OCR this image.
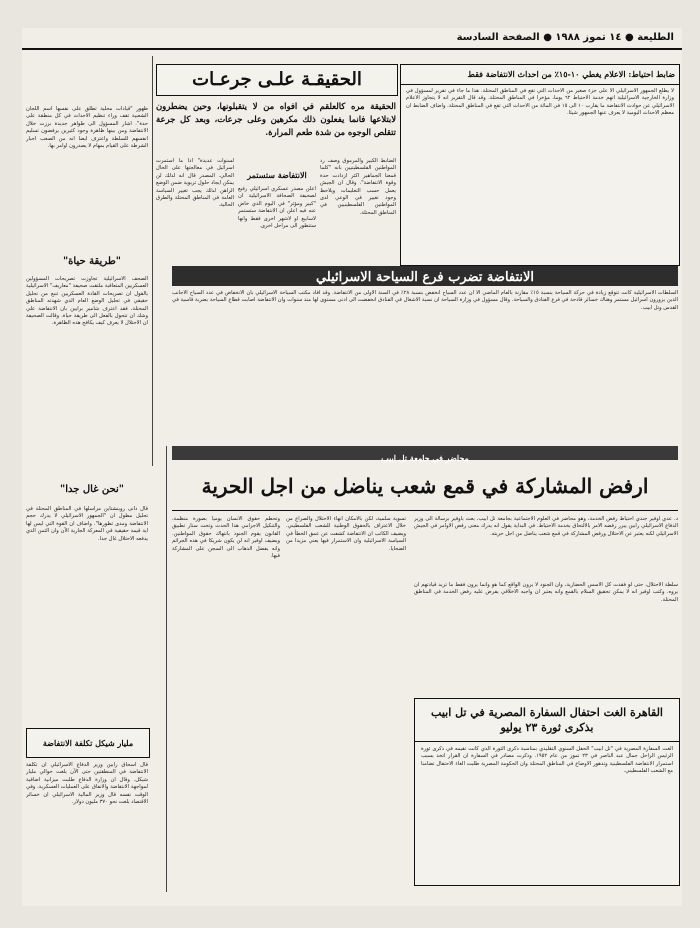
الطليعة ● ١٤ تموز ١٩٨٨ ● الصفحة السادسة
ظهور "قيادات محلية تطلق على نفسها اسم اللجان الشعبية تقف وراء تنظيم الاحداث في كل منطقة على حدة". اشار المسؤول الى ظواهر جديدة برزت خلال الانتفاضة ومن بينها ظاهرة وجود كثيرين يرفضون تسليم انفسهم للسلطة واعترف ايضا انه من الصعب اجبار الشرطة على القيام بمهام لا يصدرون اوامر بها.
"طريقة حياة"
الصحف الاسرائيلية تجاوزت تصريحات المسؤولين العسكريين المتعاقبة ملتقت صحيفة "معاريف" الاسرائيلية بالقول ان تصريحات القادة العسكريين تنبع من تحليل حقيقي في تحليل الوضع العام الذي شهدته المناطق المحتلة، فقد اعترف شامير برايين بان الانتفاضة علي وشك ان تتحول بالفعل الى طريقة حياة. وقالت الصحيفة ان الاحتلال لا يعرف كيف يكافح هذه الظاهرة.
"نحن غال جدا"
قال دانى روبنشتاين مراسلها في المناطق المحتلة في تحليل مطول ان "الجمهور الاسرائيلي لا يدرك حجم الانتفاضة ومدى تطورها". واضاف ان القوة التي ليس لها اية قيمة حقيقية في المعركة الجارية الآن وان الثمن الذي يدفعه الاحتلال غال جدا.
الحقيقـة علـى جرعـات
الحقيقة مره كالعلقم في افواه من لا يتقبلونها، وحين يضطرون لابتلاعها فانما يفعلون ذلك مكرهين وعلى جرعات، وبعد كل جرعة تتقلص الوجوه من شدة طعم المرارة.
لسنوات عديدة" اذا ما استمرت اسرائيل في معالجتها على الحال الحالي. المصدر قال انه لذلك لن يمكن ايجاد حلول تربوية ضمن الوضع الراهن لذلك يجب تغيير السياسة العامة في المناطق المحتلة والطرق الحالية.
اعلن مصدر عسكري اسرائيلي رفيع لصحيفة الصحافة الاسرائيلية ان "كبير ومؤثر" في اليوم الذي خاض عنه فيه اعلن ان الانتفاضة ستستمر لاسابيع او لاشهر اخرى فقط وانها ستتطور الى مراحل اخرى.
الانتفاضة ستستمر
ضابط احتياط: الاعلام يغطي ١٠-١٥٪ من احداث الانتفاضة فقط
لا يطلع الجمهور الاسرائيلي الا على جزء صغير من الاحداث التي تقع في المناطق المحتلة. هذا ما جاء في تقرير لمسؤول في وزارة الخارجية الاسرائيلية اتهم خدمة الاحتياط ٦٢ يوما، مؤخرا في المناطق المحتلة. وقد قال التقرير انه لا يتجاوز الاعلام الاسرائيلي عن حوادث الانتفاضة ما يقارب ١٠ الى ١٥ في المائة من الاحداث التي تقع في المناطق المحتلة. واضاف الضابط ان معظم الاحداث اليومية لا يعرف عنها الجمهور شيئا.
الانتفاضة تضرب فرع السياحة الاسرائيلي
السلطات الاسرائيلية كانت تتوقع زيادة في حركة السياحة بنسبة ١٥٪ مقارنة بالعام الماضي الا ان عدد السياح انخفض بنسبة ٢٨٪ في السنة الاولى من الانتفاضة. وقد افاد مكتب السياحة الاسرائيلي بان الانخفاض في عدد السياح الاجانب الذين يزورون اسرائيل مستمر وهناك خسائر فادحة في فرع الفنادق والسياحة. وقال مسؤول في وزارة السياحة ان نسبة الاشغال في الفنادق انخفضت الى ادنى مستوى لها منذ سنوات وان الانتفاضة اصابت قطاع السياحة بضربة قاسية في القدس وتل ابيب.
الضابط الكبير والمرموق وصف رد المواطنين الفلسطينيين بانه "كلما قمعنا الجماهير اكثر ازدادت حدة وقوة الانتفاضة". وقال ان الجيش يعمل حسب التعليمات ويلاحظ وجود تغيير في الوعي لدى المواطنين الفلسطينيين في المناطق المحتلة.
محاضر في جامعة تل ابيب
ارفض المشاركة في قمع شعب يناضل من اجل الحرية
د. عدي اوفير جندي احتياط رفض الخدمة، وهو محاضر في العلوم الاجتماعية بجامعة تل ابيب، بعث باوفير برسالة الى وزير الدفاع الاسرائيلي رابين يبرر رفضه الامر بالالتحاق بخدمة الاحتياط. في البداية يقول انه يدرك معنى رفض الاوامر في الجيش الاسرائيلي لكنه يعتبر عن الاحتلال ورفض المشاركة في قمع شعب يناضل من اجل حريته.
سلطة الاحتلال، حتى لو فقدت كل الاسس الحضارية، وان الجنود لا يرون الواقع كما هو وانما يرون فقط ما تريد قيادتهم ان يروه. وكتب اوفير انه لا يمكن تحقيق السلام بالقمع وانه يعتبر ان واجبه الاخلاقي يفرض عليه رفض الخدمة في المناطق المحتلة.
تسوية سلمية، لكن بالامكان انهاء الاحتلال والصراع من خلال الاعتراف بالحقوق الوطنية للشعب الفلسطيني. ويضيف الكاتب ان الانتفاضة كشفت عن عمق الخطأ في السياسة الاسرائيلية وان الاستمرار فيها يعني مزيدا من الضحايا.
وتحطم حقوق الانسان يوميا بصورة منظمة، والتنكيل الاجرامي هذا الحدث وتحت ستار تطبيق القانون يقوم الجنود بانتهاك حقوق المواطنين. ويضيف اوفير انه لن يكون شريكا في هذه الجرائم وانه يفضل الذهاب الى السجن على المشاركة فيها.
القاهرة الغت احتفال السفارة المصرية في تل ابيب بذكرى ثورة ٢٣ يوليو
الغت السفارة المصرية في "تل ابيب" الحفل السنوي التقليدي بمناسبة ذكرى الثورة الذي كانت تقيمه في ذكرى ثورة الرئيس الراحل جمال عبد الناصر في ٢٣ تموز من عام ١٩٥٢. وذكرت مصادر في السفارة ان القرار اتخذ بسبب استمرار الانتفاضة الفلسطينية وتدهور الاوضاع في المناطق المحتلة وان الحكومة المصرية طلبت الغاء الاحتفال تضامنا مع الشعب الفلسطيني.
مليار شيكل تكلفة الانتفاضة
قال اسحاق رابين وزير الدفاع الاسرائيلي ان تكلفة الانتفاضة في المنطقتين حتى الآن بلغت حوالي مليار شيكل. وقال ان وزارة الدفاع طلبت ميزانية اضافية لمواجهة الانتفاضة والانفاق على العمليات العسكرية. وفي الوقت نفسه قال وزير المالية الاسرائيلي ان خسائر الاقتصاد بلغت نحو ٣٧٠ مليون دولار.
